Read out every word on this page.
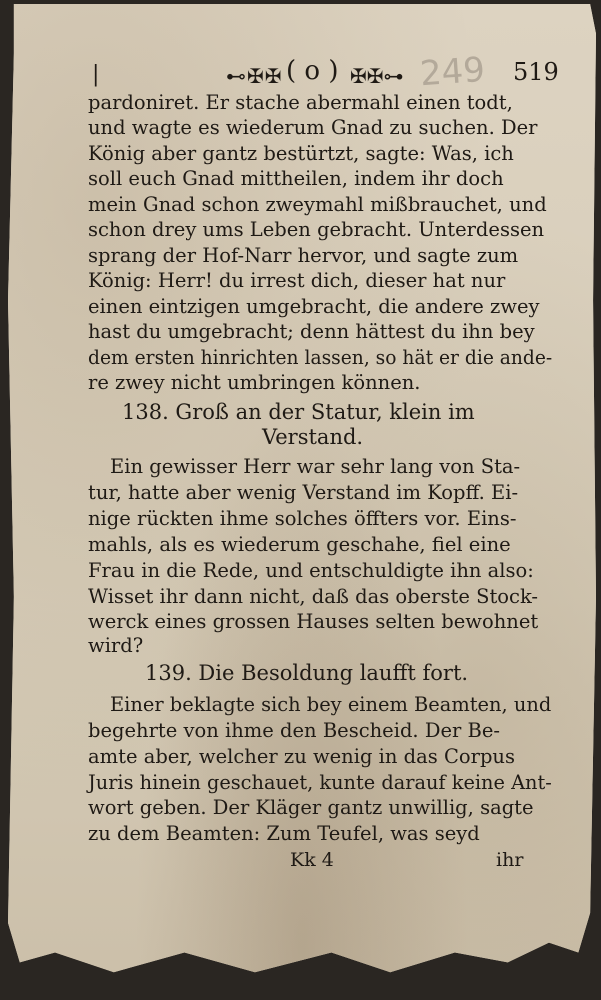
|	⊷✠✠ ( o ) ✠✠⊶ 249 519
pardoniret. Er stache abermahl einen todt,
und wagte es wiederum Gnad zu suchen. Der
König aber gantz bestürtzt, sagte: Was, ich
soll euch Gnad mittheilen, indem ihr doch
mein Gnad schon zweymahl mißbrauchet, und
schon drey ums Leben gebracht. Unterdessen
sprang der Hof-Narr hervor, und sagte zum
König: Herr! du irrest dich, dieser hat nur
einen eintzigen umgebracht, die andere zwey
hast du umgebracht; denn hättest du ihn bey
dem ersten hinrichten lassen, so hät er die ande-
re zwey nicht umbringen können.
138. Groß an der Statur, klein im
Verstand.
Ein gewisser Herr war sehr lang von Sta-
tur, hatte aber wenig Verstand im Kopff. Ei-
nige rückten ihme solches öffters vor. Eins-
mahls, als es wiederum geschahe, fiel eine
Frau in die Rede, und entschuldigte ihn also:
Wisset ihr dann nicht, daß das oberste Stock-
werck eines grossen Hauses selten bewohnet
wird?
139. Die Besoldung laufft fort.
Einer beklagte sich bey einem Beamten, und
begehrte von ihme den Bescheid. Der Be-
amte aber, welcher zu wenig in das Corpus
Juris hinein geschauet, kunte darauf keine Ant-
wort geben. Der Kläger gantz unwillig, sagte
zu dem Beamten: Zum Teufel, was seyd
Kk 4	ihr
